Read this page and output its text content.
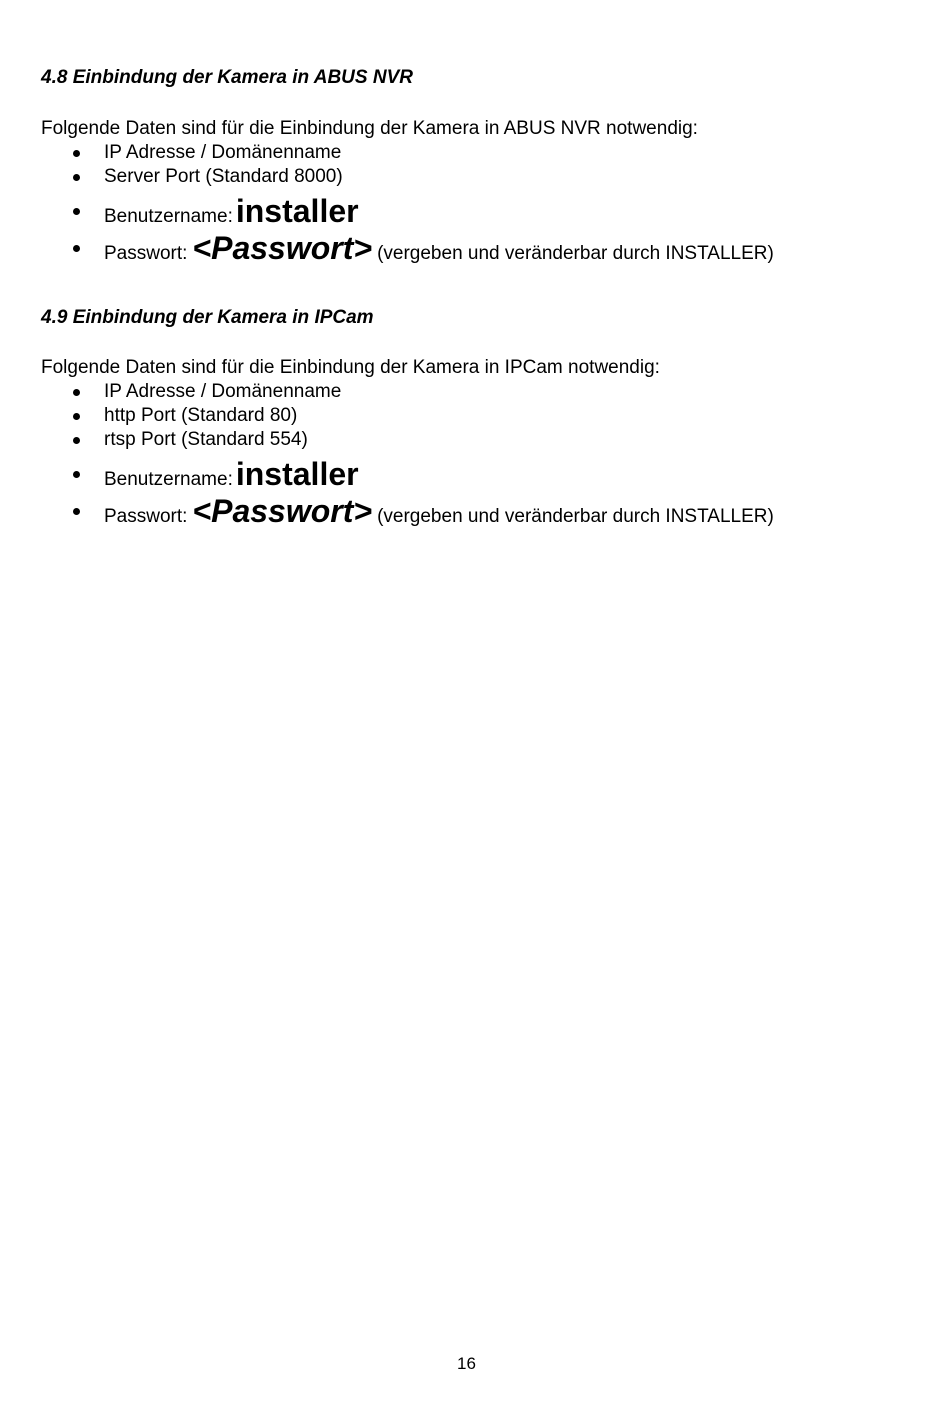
4.8 Einbindung der Kamera in ABUS NVR

Folgende Daten sind für die Einbindung der Kamera in ABUS NVR notwendig:

IP Adresse / Domänenname
Server Port (Standard 8000)
Benutzername:installer
Passwort: <Passwort> (vergeben und veränderbar durch INSTALLER)
4.9 Einbindung der Kamera in IPCam

Folgende Daten sind für die Einbindung der Kamera in IPCam notwendig:

IP Adresse / Domänenname
http Port (Standard 80)
rtsp Port (Standard 554)
Benutzername:installer
Passwort: <Passwort> (vergeben und veränderbar durch INSTALLER)
16
